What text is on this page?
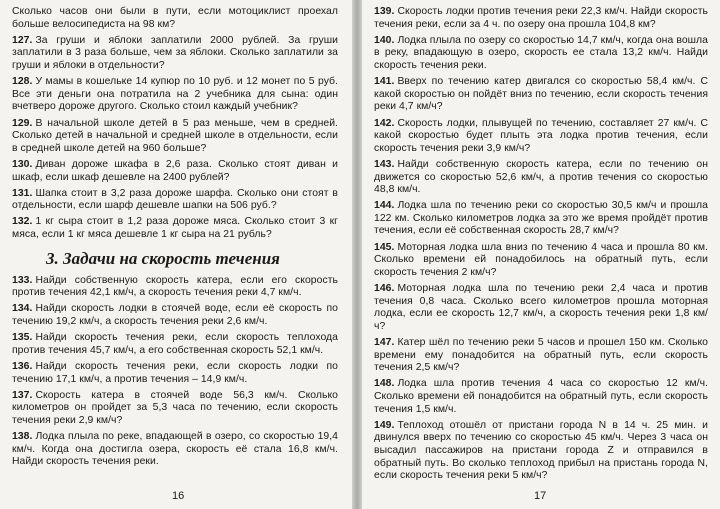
Сколько часов они были в пути, если мотоциклист проехал больше велосипедиста на 98 км?

127. За груши и яблоки заплатили 2000 рублей. За груши заплатили в 3 раза больше, чем за яблоки. Сколько заплатили за груши и яблоки в отдельности?

128. У мамы в кошельке 14 купюр по 10 руб. и 12 монет по 5 руб. Все эти деньги она потратила на 2 учебника для сына: один вчетверо дороже другого. Сколько стоил каждый учебник?

129. В начальной школе детей в 5 раз меньше, чем в средней. Сколько детей в начальной и средней школе в отдельности, если в средней школе детей на 960 больше?

130. Диван дороже шкафа в 2,6 раза. Сколько стоят диван и шкаф, если шкаф дешевле на 2400 рублей?

131. Шапка стоит в 3,2 раза дороже шарфа. Сколько они стоят в отдельности, если шарф дешевле шапки на 506 руб.?

132. 1 кг сыра стоит в 1,2 раза дороже мяса. Сколько стоит 3 кг мяса, если 1 кг мяса дешевле 1 кг сыра на 21 рубль?

3. Задачи на скорость течения

133. Найди собственную скорость катера, если его скорость против течения 42,1 км/ч, а скорость течения реки 4,7 км/ч.

134. Найди скорость лодки в стоячей воде, если её скорость по течению 19,2 км/ч, а скорость течения реки 2,6 км/ч.

135. Найди скорость течения реки, если скорость теплохода против течения 45,7 км/ч, а его собственная скорость 52,1 км/ч.

136. Найди скорость течения реки, если скорость лодки по течению 17,1 км/ч, а против течения – 14,9 км/ч.

137. Скорость катера в стоячей воде 56,3 км/ч. Сколько километров он пройдет за 5,3 часа по течению, если скорость течения реки 2,9 км/ч?

138. Лодка плыла по реке, впадающей в озеро, со скоростью 19,4 км/ч. Когда она достигла озера, скорость её стала 16,8 км/ч. Найди скорость течения реки.

16

139. Скорость лодки против течения реки 22,3 км/ч. Найди скорость течения реки, если за 4 ч. по озеру она прошла 104,8 км?

140. Лодка плыла по озеру со скоростью 14,7 км/ч, когда она вошла в реку, впадающую в озеро, скорость ее стала 13,2 км/ч. Найди скорость течения реки.

141. Вверх по течению катер двигался со скоростью 58,4 км/ч. С какой скоростью он пойдёт вниз по течению, если скорость течения реки 4,7 км/ч?

142. Скорость лодки, плывущей по течению, составляет 27 км/ч. С какой скоростью будет плыть эта лодка против течения, если скорость течения реки 3,9 км/ч?

143. Найди собственную скорость катера, если по течению он движется со скоростью 52,6 км/ч, а против течения со скоростью 48,8 км/ч.

144. Лодка шла по течению реки со скоростью 30,5 км/ч и прошла 122 км. Сколько километров лодка за это же время пройдёт против течения, если её собственная скорость 28,7 км/ч?

145. Моторная лодка шла вниз по течению 4 часа и прошла 80 км. Сколько времени ей понадобилось на обратный путь, если скорость течения 2 км/ч?

146. Моторная лодка шла по течению реки 2,4 часа и против течения 0,8 часа. Сколько всего километров прошла моторная лодка, если ее скорость 12,7 км/ч, а скорость течения реки 1,8 км/ч?

147. Катер шёл по течению реки 5 часов и прошел 150 км. Сколько времени ему понадобится на обратный путь, если скорость течения 2,5 км/ч?

148. Лодка шла против течения 4 часа со скоростью 12 км/ч. Сколько времени ей понадобится на обратный путь, если скорость течения 1,5 км/ч.

149. Теплоход отошёл от пристани города N в 14 ч. 25 мин. и двинулся вверх по течению со скоростью 45 км/ч. Через 3 часа он высадил пассажиров на пристани города Z и отправился в обратный путь. Во сколько теплоход прибыл на пристань города N, если скорость течения реки 5 км/ч?

17
